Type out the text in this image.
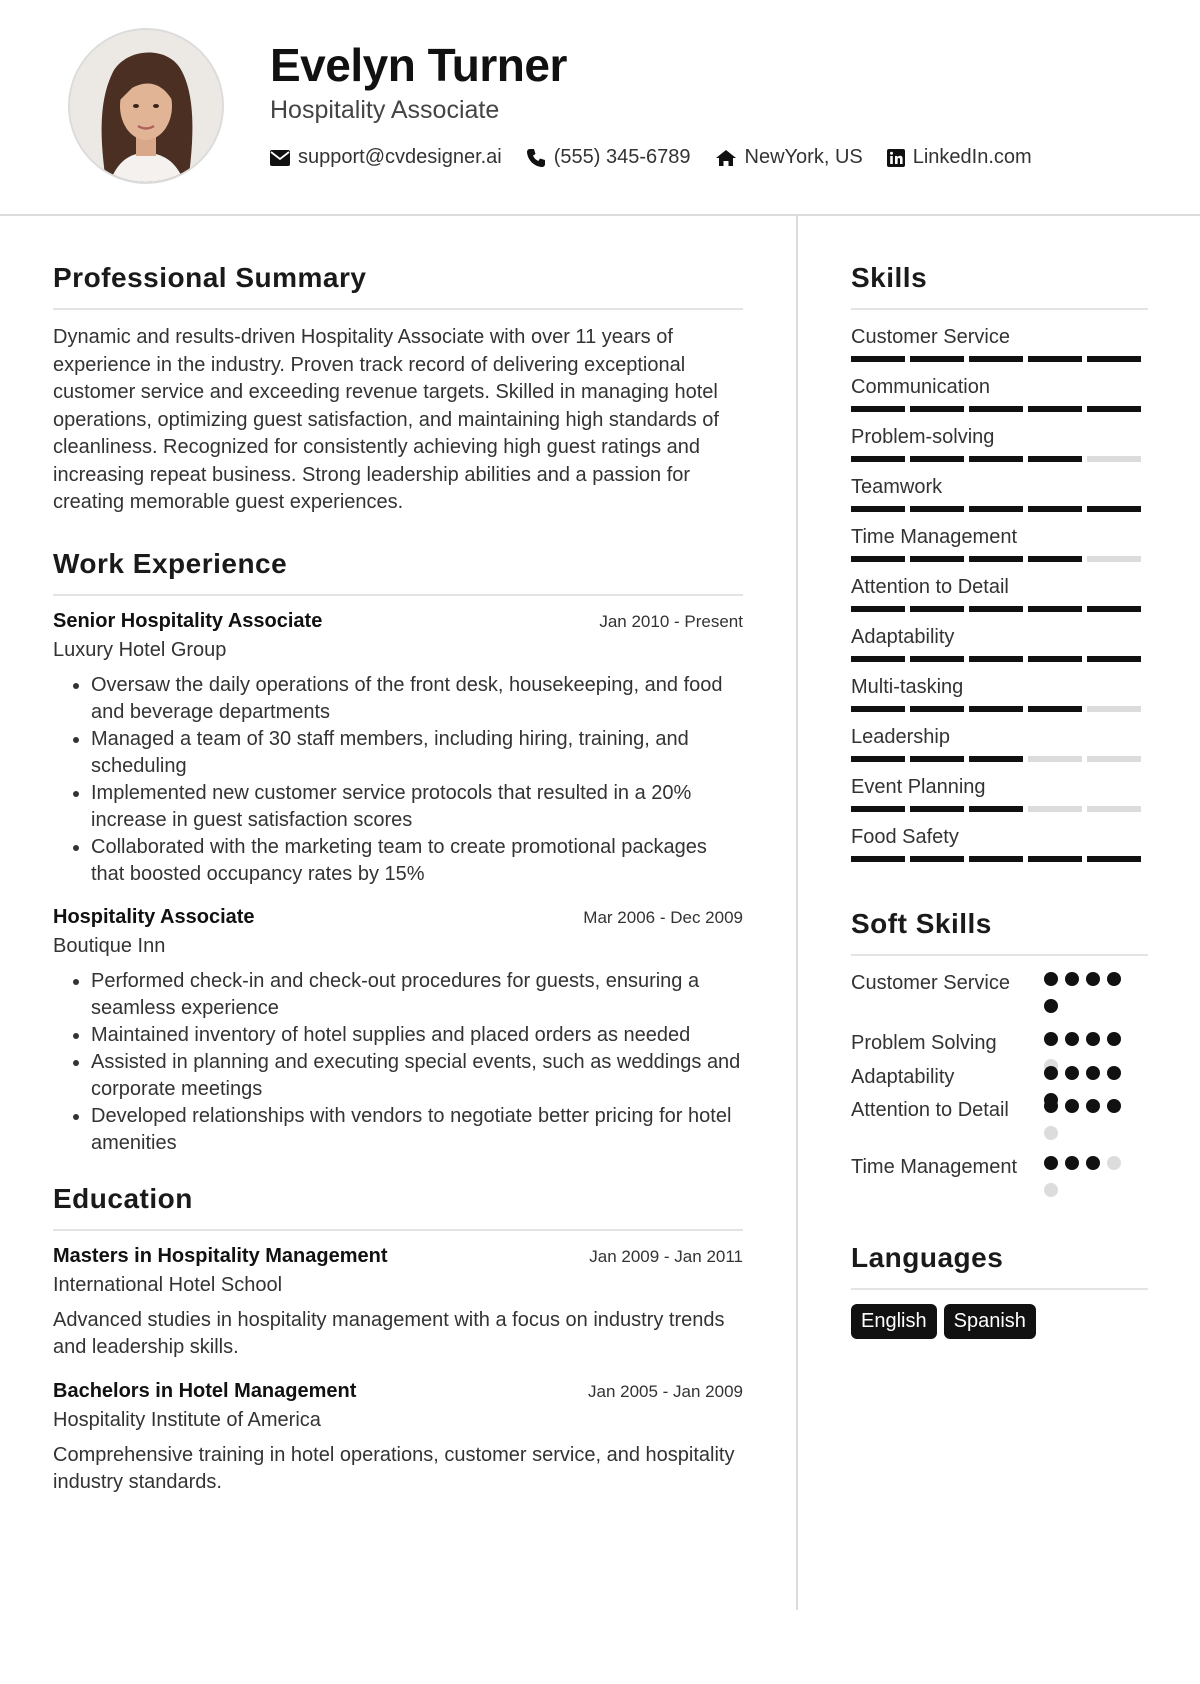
Evelyn Turner
Hospitality Associate
support@cvdesigner.ai	(555) 345-6789	NewYork, US	LinkedIn.com
Professional Summary
Dynamic and results-driven Hospitality Associate with over 11 years of experience in the industry. Proven track record of delivering exceptional customer service and exceeding revenue targets. Skilled in managing hotel operations, optimizing guest satisfaction, and maintaining high standards of cleanliness. Recognized for consistently achieving high guest ratings and increasing repeat business. Strong leadership abilities and a passion for creating memorable guest experiences.
Work Experience
Senior Hospitality Associate	Jan 2010 - Present
Luxury Hotel Group
• Oversaw the daily operations of the front desk, housekeeping, and food and beverage departments
• Managed a team of 30 staff members, including hiring, training, and scheduling
• Implemented new customer service protocols that resulted in a 20% increase in guest satisfaction scores
• Collaborated with the marketing team to create promotional packages that boosted occupancy rates by 15%
Hospitality Associate	Mar 2006 - Dec 2009
Boutique Inn
• Performed check-in and check-out procedures for guests, ensuring a seamless experience
• Maintained inventory of hotel supplies and placed orders as needed
• Assisted in planning and executing special events, such as weddings and corporate meetings
• Developed relationships with vendors to negotiate better pricing for hotel amenities
Education
Masters in Hospitality Management	Jan 2009 - Jan 2011
International Hotel School
Advanced studies in hospitality management with a focus on industry trends and leadership skills.
Bachelors in Hotel Management	Jan 2005 - Jan 2009
Hospitality Institute of America
Comprehensive training in hotel operations, customer service, and hospitality industry standards.
Skills
Customer Service
Communication
Problem-solving
Teamwork
Time Management
Attention to Detail
Adaptability
Multi-tasking
Leadership
Event Planning
Food Safety
Soft Skills
Customer Service
Problem Solving
Adaptability
Attention to Detail
Time Management
Languages
English	Spanish
